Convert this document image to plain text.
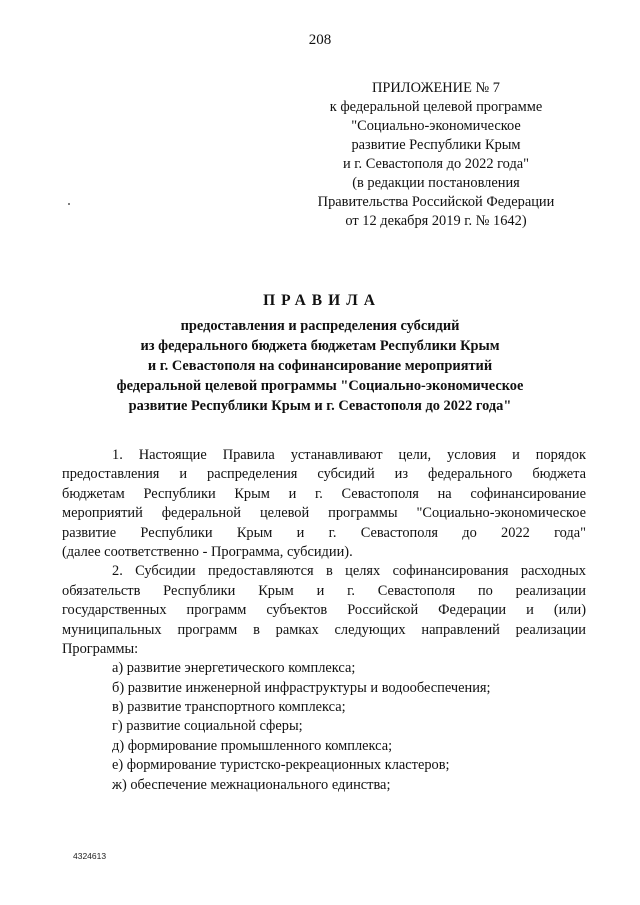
208
ПРИЛОЖЕНИЕ № 7
к федеральной целевой программе
"Социально-экономическое
развитие Республики Крым
и г. Севастополя до 2022 года"
(в редакции постановления
Правительства Российской Федерации
от 12 декабря 2019 г. № 1642)
ПРАВИЛА
предоставления и распределения субсидий
из федерального бюджета бюджетам Республики Крым
и г. Севастополя на софинансирование мероприятий
федеральной целевой программы "Социально-экономическое
развитие Республики Крым и г. Севастополя до 2022 года"
1. Настоящие Правила устанавливают цели, условия и порядок
предоставления и распределения субсидий из федерального бюджета
бюджетам Республики Крым и г. Севастополя на софинансирование
мероприятий федеральной целевой программы "Социально-экономическое
развитие Республики Крым и г. Севастополя до 2022 года"
(далее соответственно - Программа, субсидии).
2. Субсидии предоставляются в целях софинансирования расходных
обязательств Республики Крым и г. Севастополя по реализации
государственных программ субъектов Российской Федерации и (или)
муниципальных программ в рамках следующих направлений реализации
Программы:
а) развитие энергетического комплекса;
б) развитие инженерной инфраструктуры и водообеспечения;
в) развитие транспортного комплекса;
г) развитие социальной сферы;
д) формирование промышленного комплекса;
е) формирование туристско-рекреационных кластеров;
ж) обеспечение межнационального единства;
4324613
